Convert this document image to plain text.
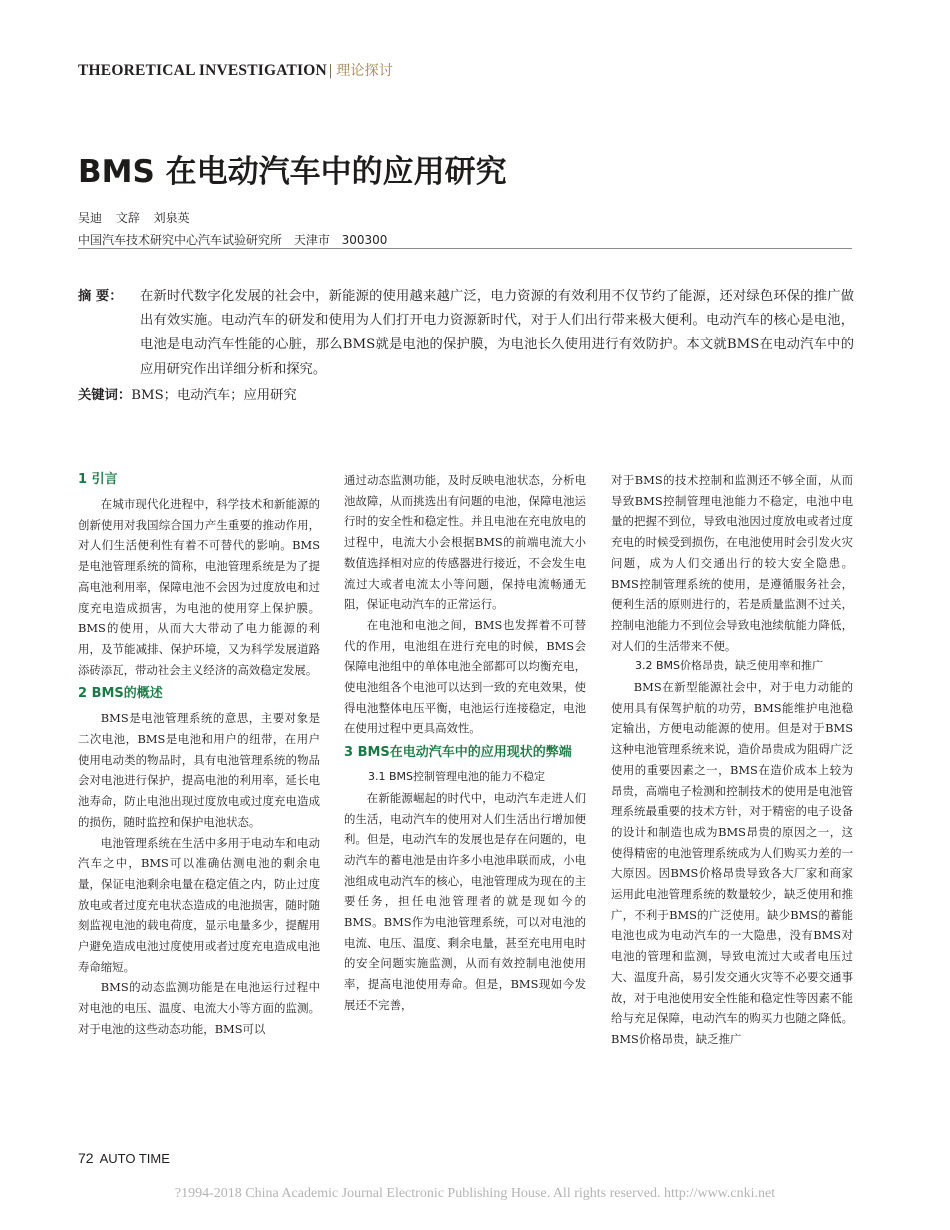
THEORETICAL INVESTIGATION | 理论探讨
BMS 在电动汽车中的应用研究
吴迪 文辞 刘泉英
中国汽车技术研究中心汽车试验研究所 天津市 300300
摘 要：	在新时代数字化发展的社会中，新能源的使用越来越广泛，电力资源的有效利用不仅节约了能源，还对绿色环保的推广做出有效实施。电动汽车的研发和使用为人们打开电力资源新时代，对于人们出行带来极大便利。电动汽车的核心是电池，电池是电动汽车性能的心脏，那么BMS就是电池的保护膜，为电池长久使用进行有效防护。本文就BMS在电动汽车中的应用研究作出详细分析和探究。
关键词：BMS；电动汽车；应用研究
1 引言

在城市现代化进程中，科学技术和新能源的创新使用对我国综合国力产生重要的推动作用，对人们生活便利性有着不可替代的影响。BMS是电池管理系统的简称，电池管理系统是为了提高电池利用率，保障电池不会因为过度放电和过度充电造成损害，为电池的使用穿上保护膜。BMS的使用，从而大大带动了电力能源的利用，及节能减排、保护环境，又为科学发展道路添砖添瓦，带动社会主义经济的高效稳定发展。

2 BMS的概述

BMS是电池管理系统的意思，主要对象是二次电池，BMS是电池和用户的纽带，在用户使用电动类的物品时，具有电池管理系统的物品会对电池进行保护，提高电池的利用率，延长电池寿命，防止电池出现过度放电或过度充电造成的损伤，随时监控和保护电池状态。

电池管理系统在生活中多用于电动车和电动汽车之中，BMS可以准确估测电池的剩余电量，保证电池剩余电量在稳定值之内，防止过度放电或者过度充电状态造成的电池损害，随时随刻监视电池的载电荷度，显示电量多少，提醒用户避免造成电池过度使用或者过度充电造成电池寿命缩短。

BMS的动态监测功能是在电池运行过程中对电池的电压、温度、电流大小等方面的监测。对于电池的这些动态功能，BMS可以

通过动态监测功能，及时反映电池状态，分析电池故障，从而挑选出有问题的电池，保障电池运行时的安全性和稳定性。并且电池在充电放电的过程中，电流大小会根据BMS的前端电流大小数值选择相对应的传感器进行接近，不会发生电流过大或者电流太小等问题，保持电流畅通无阻，保证电动汽车的正常运行。

在电池和电池之间，BMS也发挥着不可替代的作用，电池组在进行充电的时候，BMS会保障电池组中的单体电池全部都可以均衡充电，使电池组各个电池可以达到一致的充电效果，使得电池整体电压平衡，电池运行连接稳定，电池在使用过程中更具高效性。

3 BMS在电动汽车中的应用现状的弊端
3.1 BMS控制管理电池的能力不稳定

在新能源崛起的时代中，电动汽车走进人们的生活，电动汽车的使用对人们生活出行增加便利。但是，电动汽车的发展也是存在问题的，电动汽车的蓄电池是由许多小电池串联而成，小电池组成电动汽车的核心，电池管理成为现在的主要任务，担任电池管理者的就是现如今的BMS。BMS作为电池管理系统，可以对电池的电流、电压、温度、剩余电量，甚至充电用电时的安全问题实施监测，从而有效控制电池使用率，提高电池使用寿命。但是，BMS现如今发展还不完善，

对于BMS的技术控制和监测还不够全面，从而导致BMS控制管理电池能力不稳定，电池中电量的把握不到位，导致电池因过度放电或者过度充电的时候受到损伤，在电池使用时会引发火灾问题，成为人们交通出行的较大安全隐患。BMS控制管理系统的使用，是遵循服务社会，便利生活的原则进行的，若是质量监测不过关，控制电池能力不到位会导致电池续航能力降低，对人们的生活带来不便。

3.2 BMS价格昂贵，缺乏使用率和推广

BMS在新型能源社会中，对于电力动能的使用具有保驾护航的功劳，BMS能维护电池稳定输出，方便电动能源的使用。但是对于BMS这种电池管理系统来说，造价昂贵成为阻碍广泛使用的重要因素之一，BMS在造价成本上较为昂贵，高端电子检测和控制技术的使用是电池管理系统最重要的技术方针，对于精密的电子设备的设计和制造也成为BMS昂贵的原因之一，这使得精密的电池管理系统成为人们购买力差的一大原因。因BMS价格昂贵导致各大厂家和商家运用此电池管理系统的数量较少，缺乏使用和推广，不利于BMS的广泛使用。缺少BMS的蓄能电池也成为电动汽车的一大隐患，没有BMS对电池的管理和监测，导致电流过大或者电压过大、温度升高，易引发交通火灾等不必要交通事故，对于电池使用安全性能和稳定性等因素不能给与充足保障，电动汽车的购买力也随之降低。BMS价格昂贵，缺乏推广

72 AUTO TIME
?1994-2018 China Academic Journal Electronic Publishing House. All rights reserved. http://www.cnki.net
